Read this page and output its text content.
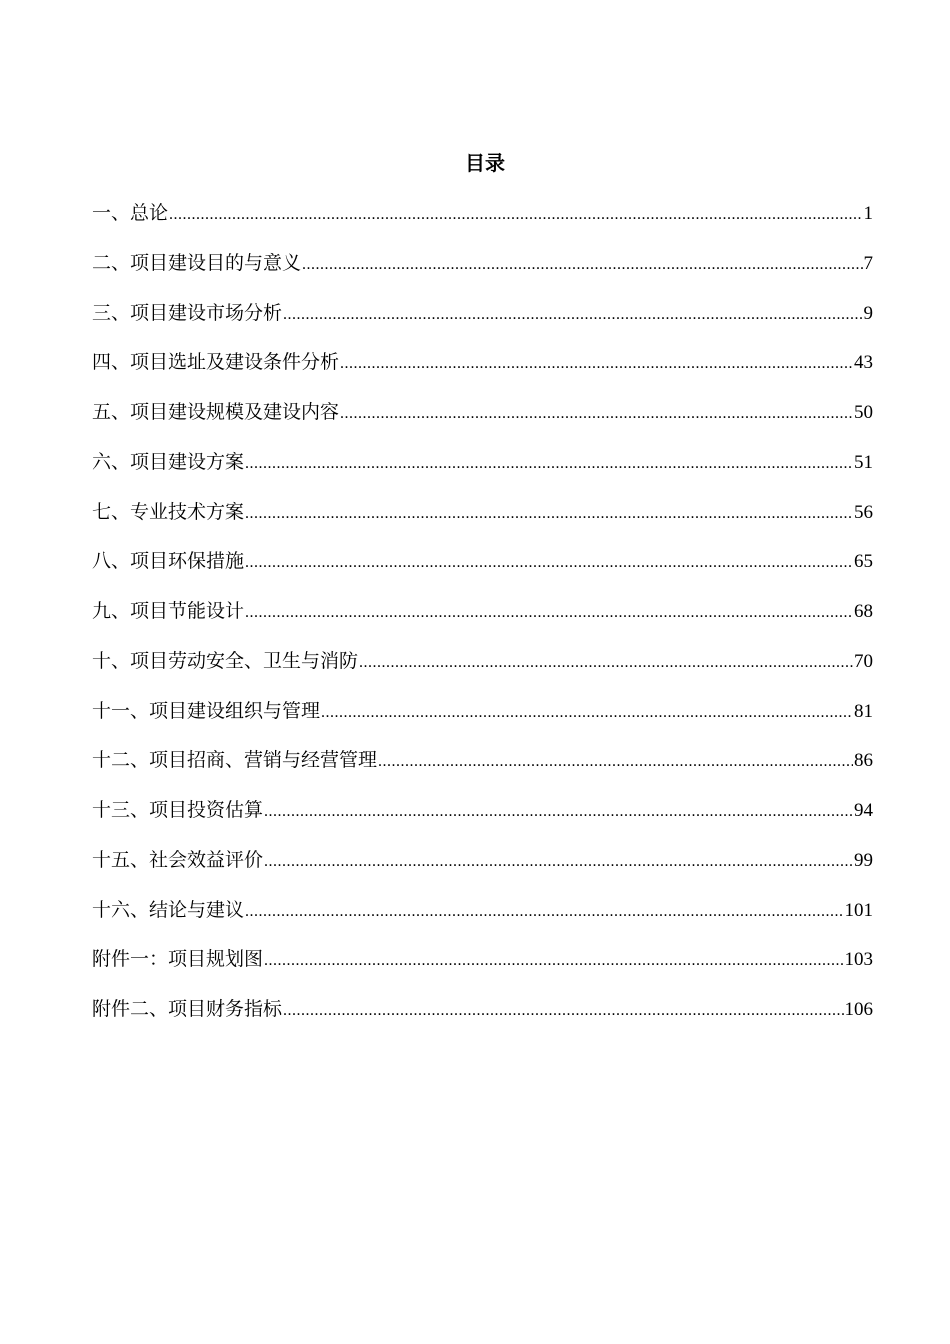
目录
一、总论 .....	1
二、项目建设目的与意义 .....	7
三、项目建设市场分析 .....	9
四、项目选址及建设条件分析 .....	43
五、项目建设规模及建设内容 .....	50
六、项目建设方案 .....	51
七、专业技术方案 .....	56
八、项目环保措施 .....	65
九、项目节能设计 .....	68
十、项目劳动安全、卫生与消防 .....	70
十一、项目建设组织与管理 .....	81
十二、项目招商、营销与经营管理 .....	86
十三、项目投资估算 .....	94
十五、社会效益评价 .....	99
十六、结论与建议 .....	101
附件一：项目规划图 .....	103
附件二、项目财务指标 .....	106
